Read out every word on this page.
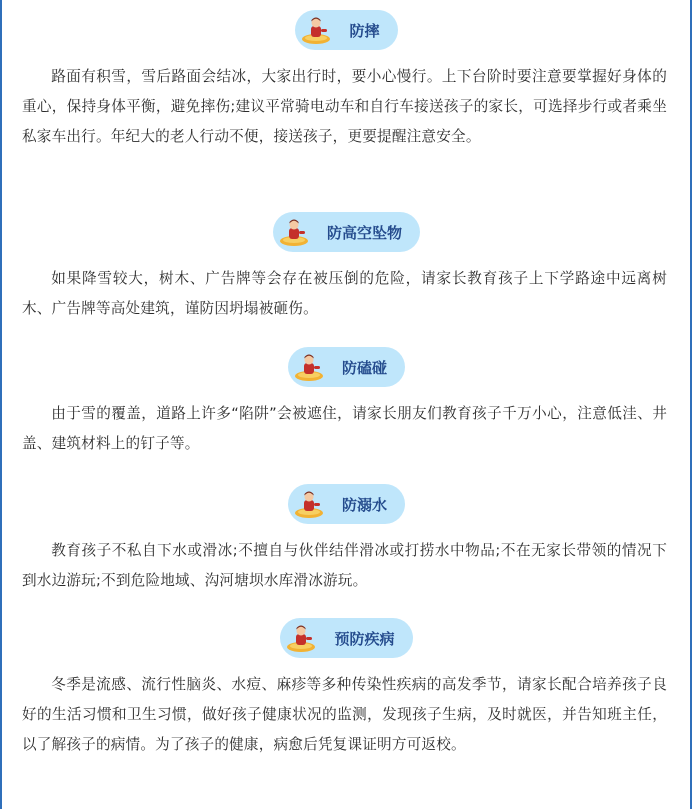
防摔

路面有积雪，雪后路面会结冰，大家出行时，要小心慢行。上下台阶时要注意要掌握好身体的重心，保持身体平衡，避免摔伤;建议平常骑电动车和自行车接送孩子的家长，可选择步行或者乘坐私家车出行。年纪大的老人行动不便，接送孩子，更要提醒注意安全。

防高空坠物

如果降雪较大，树木、广告牌等会存在被压倒的危险，请家长教育孩子上下学路途中远离树木、广告牌等高处建筑，谨防因坍塌被砸伤。

防磕碰

由于雪的覆盖，道路上许多“陷阱”会被遮住，请家长朋友们教育孩子千万小心，注意低洼、井盖、建筑材料上的钉子等。

防溺水

教育孩子不私自下水或滑冰;不擅自与伙伴结伴滑冰或打捞水中物品;不在无家长带领的情况下到水边游玩;不到危险地域、沟河塘坝水库滑冰游玩。

预防疾病

冬季是流感、流行性脑炎、水痘、麻疹等多种传染性疾病的高发季节，请家长配合培养孩子良好的生活习惯和卫生习惯，做好孩子健康状况的监测，发现孩子生病，及时就医，并告知班主任，以了解孩子的病情。为了孩子的健康，病愈后凭复课证明方可返校。
